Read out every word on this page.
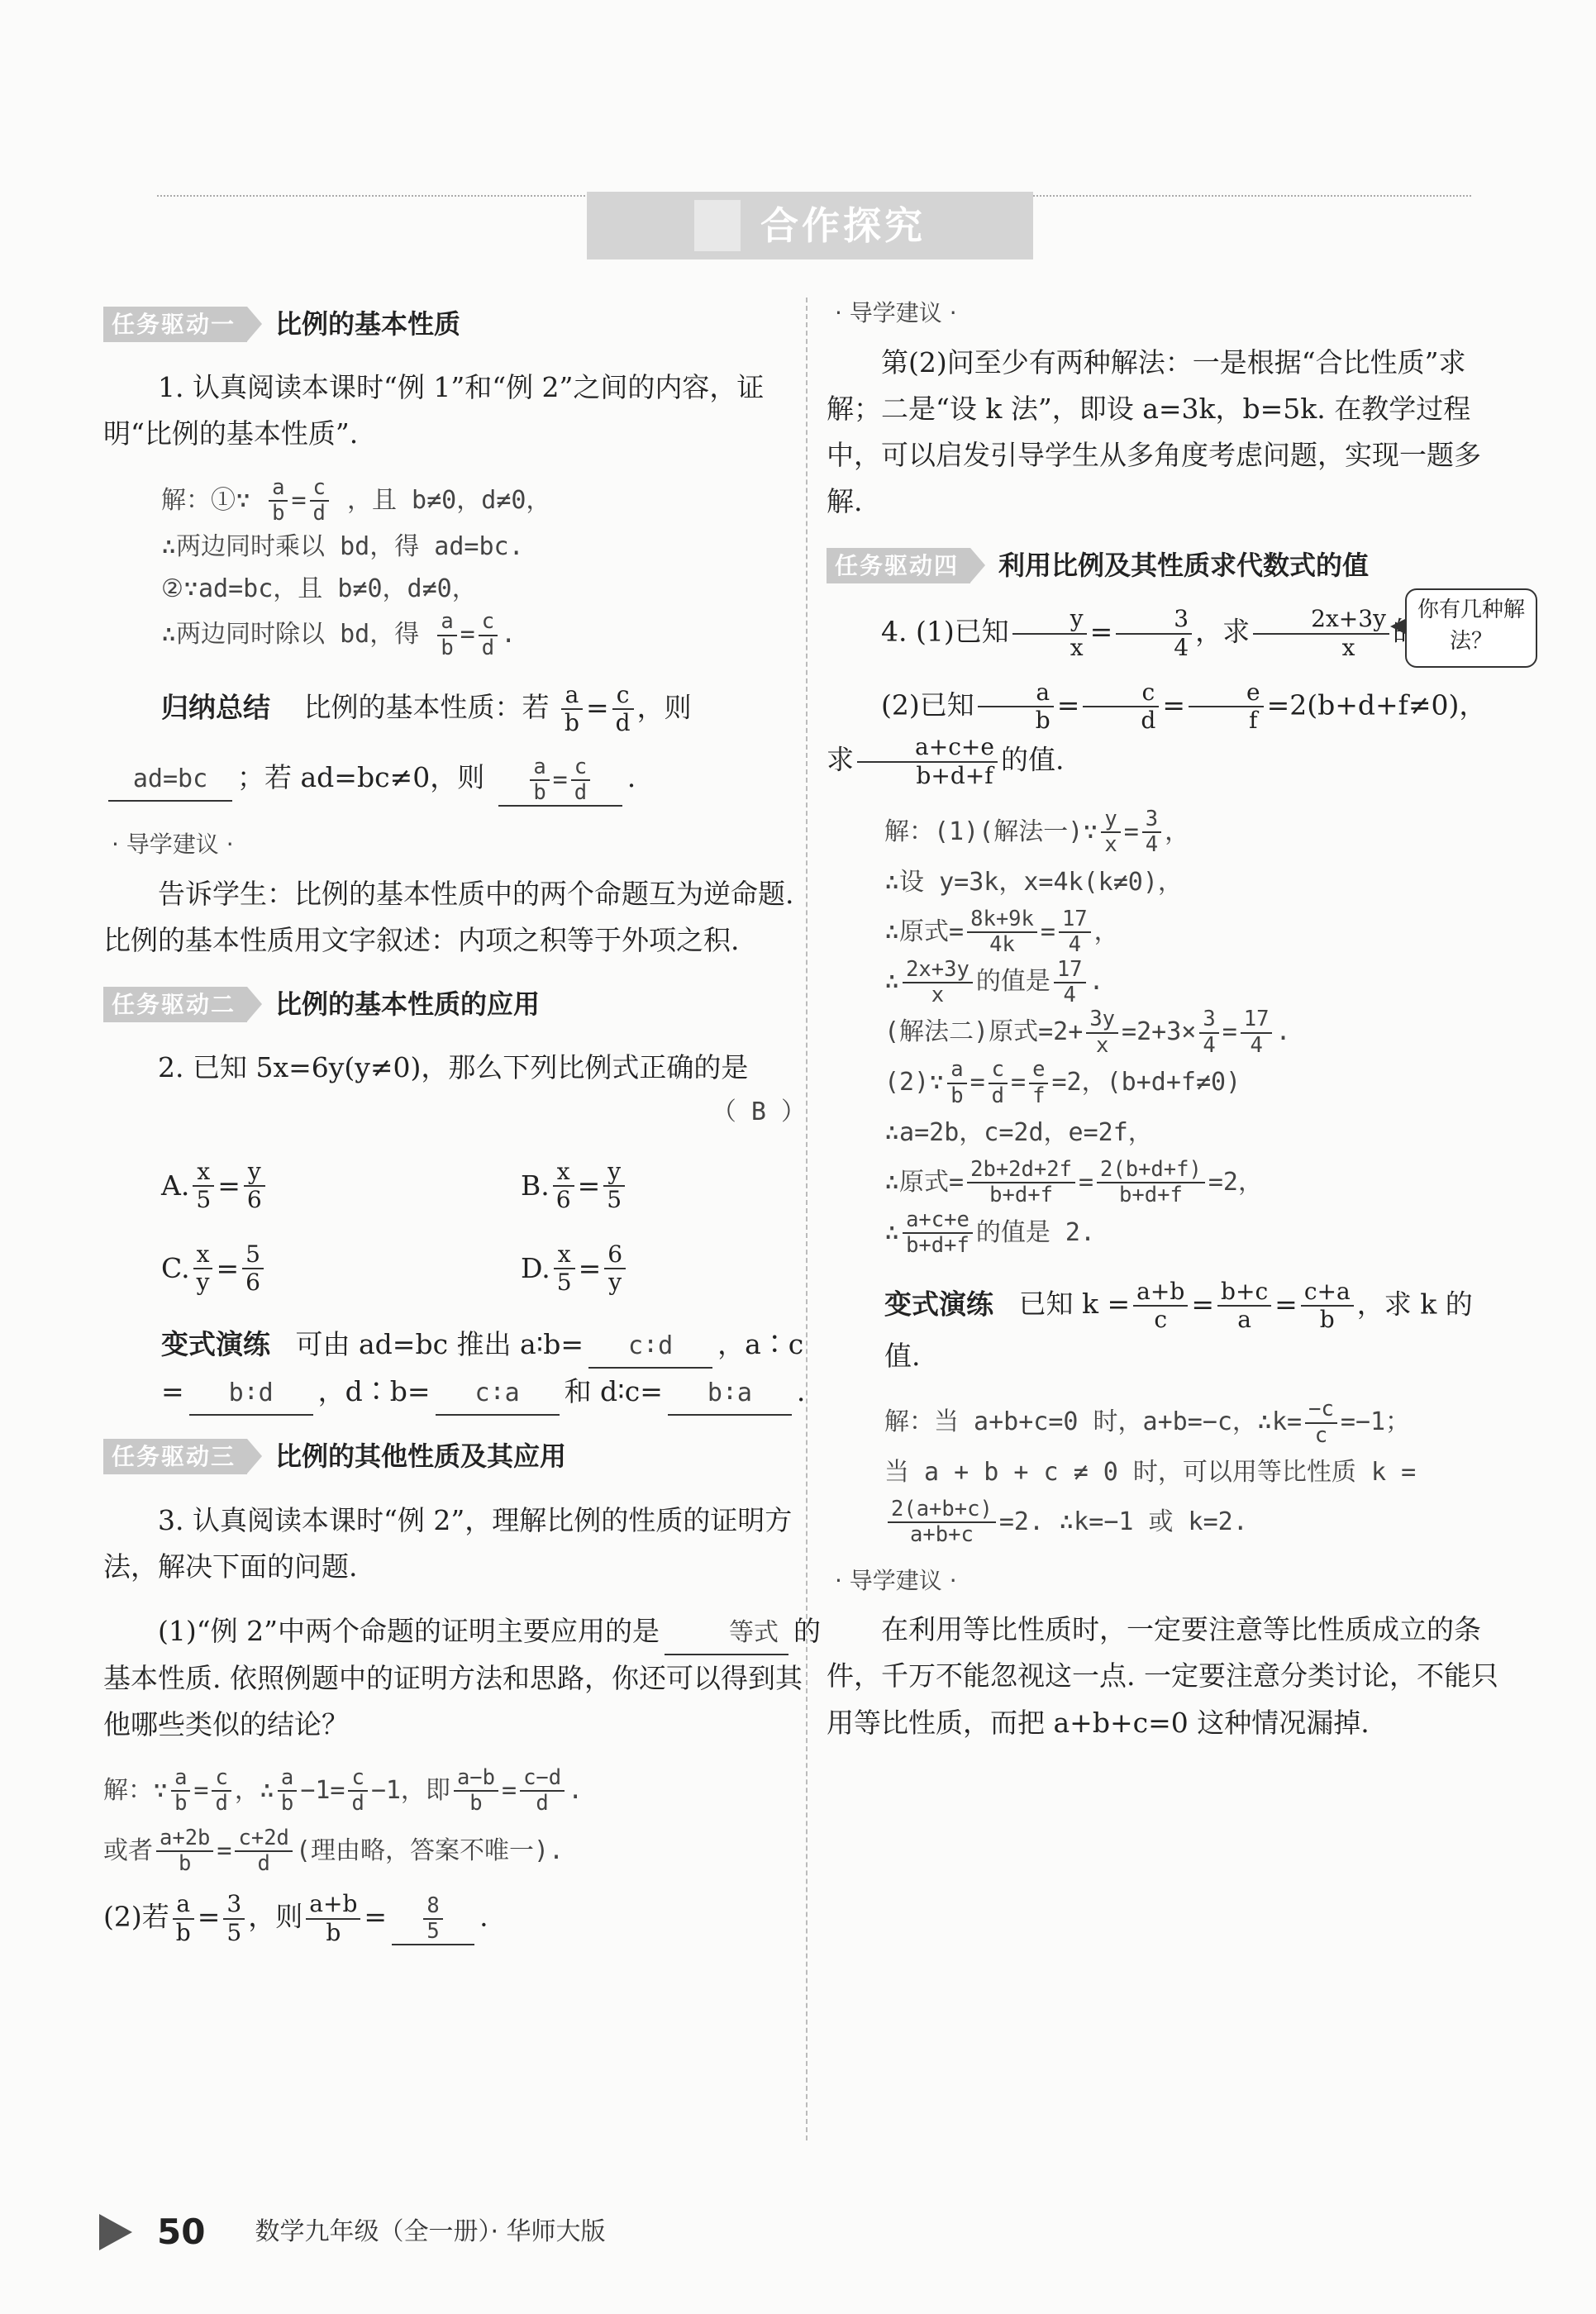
合作探究
任务驱动一	比例的基本性质
1. 认真阅读本课时“例 1”和“例 2”之间的内容，证明“比例的基本性质”.
解：①∵ $\frac{a}{b} = \frac{c}{d}$ ，且 b≠0，d≠0，
∴两边同时乘以 bd，得 ad=bc.
②∵ad=bc，且 b≠0，d≠0，
∴两边同时除以 bd，得 $\frac{a}{b} = \frac{c}{d}$ .
归纳总结 比例的基本性质：若 $\frac{a}{b} = \frac{c}{d}$ ，则
ad=bc ；若 ad=bc≠0，则 $\frac{a}{b} = \frac{c}{d}$ .
· 导学建议 ·
告诉学生：比例的基本性质中的两个命题互为逆命题. 比例的基本性质用文字叙述：内项之积等于外项之积.
任务驱动二	比例的基本性质的应用
2. 已知 5x=6y(y≠0)，那么下列比例式正确的是
（ B ）
A. $\frac{x}{5} = \frac{y}{6}$	B. $\frac{x}{6} = \frac{y}{5}$
C. $\frac{x}{y} = \frac{5}{6}$	D. $\frac{x}{5} = \frac{6}{y}$
变式演练 可由 ad=bc 推出 a∶b= c∶d ，a∶c = b∶d ，d∶b= c∶a 和 d∶c= b∶a .
任务驱动三	比例的其他性质及其应用
3. 认真阅读本课时“例 2”，理解比例的性质的证明方法，解决下面的问题.
(1)“例 2”中两个命题的证明主要应用的是	等式 的基本性质. 依照例题中的证明方法和思路，你还可以得到其他哪些类似的结论？
解：∵ $\frac{a}{b} = \frac{c}{d}$ ，∴ $\frac{a}{b} -1= \frac{c}{d} -1$，即 $\frac{a-b}{b} = \frac{c-d}{d}$ .
或者 $\frac{a+2b}{b} = \frac{c+2d}{d}$ (理由略，答案不唯一).
(2)若 $\frac{a}{b} = \frac{3}{5}$ ，则 $\frac{a+b}{b} = \frac{8}{5}$ .
· 导学建议 ·
第(2)问至少有两种解法：一是根据“合比性质”求解；二是“设 k 法”，即设 a=3k，b=5k. 在教学过程中，可以启发引导学生从多角度考虑问题，实现一题多解.
任务驱动四	利用比例及其性质求代数式的值
4. (1)已知 $\frac{y}{x} = \frac{3}{4}$ ，求 $\frac{2x+3y}{x}$
(2)已知 $\frac{a}{b} = \frac{c}{d} = \frac{e}{f} =2(b+d+f\ne 0)$，求 $\frac{a+c+e}{b+d+f}$ 的值.
解：(1)(解法一)∵ $\frac{y}{x} = \frac{3}{4}$ ，
∴设 y=3k，x=4k(k≠0)，
∴原式= $\frac{8k+9k}{4k} = \frac{17}{4}$ ，
∴ $\frac{2x+3y}{x}$ 的值是 $\frac{17}{4}$ .
(解法二)原式$=2+ \frac{3y}{x} =2+3\times \frac{3}{4} = \frac{17}{4}$ .
(2)∵ $\frac{a}{b} = \frac{c}{d} = \frac{e}{f} =2$，(b+d+f≠0)
∴a=2b，c=2d，e=2f，
∴原式= $\frac{2b+2d+2f}{b+d+f} = \frac{2(b+d+f)}{b+d+f} =2$，
∴ $\frac{a+c+e}{b+d+f}$ 的值是 2.
变式演练 已知 $k = \frac{a+b}{c} = \frac{b+c}{a} = \frac{c+a}{b}$ ，求 k 的值.
解：当 a+b+c=0 时，a+b=−c，∴k= $\frac{-c}{c} =-1$；
当 a + b + c ≠ 0 时，可以用等比性质 k =
$\frac{2(a+b+c)}{a+b+c} =2$. ∴k=−1 或 k=2.
· 导学建议 ·
在利用等比性质时，一定要注意等比性质成立的条件，千万不能忽视这一点. 一定要注意分类讨论，不能只用等比性质，而把 a+b+c=0 这种情况漏掉.
你有几种解法？
50 数学九年级（全一册）· 华师大版
